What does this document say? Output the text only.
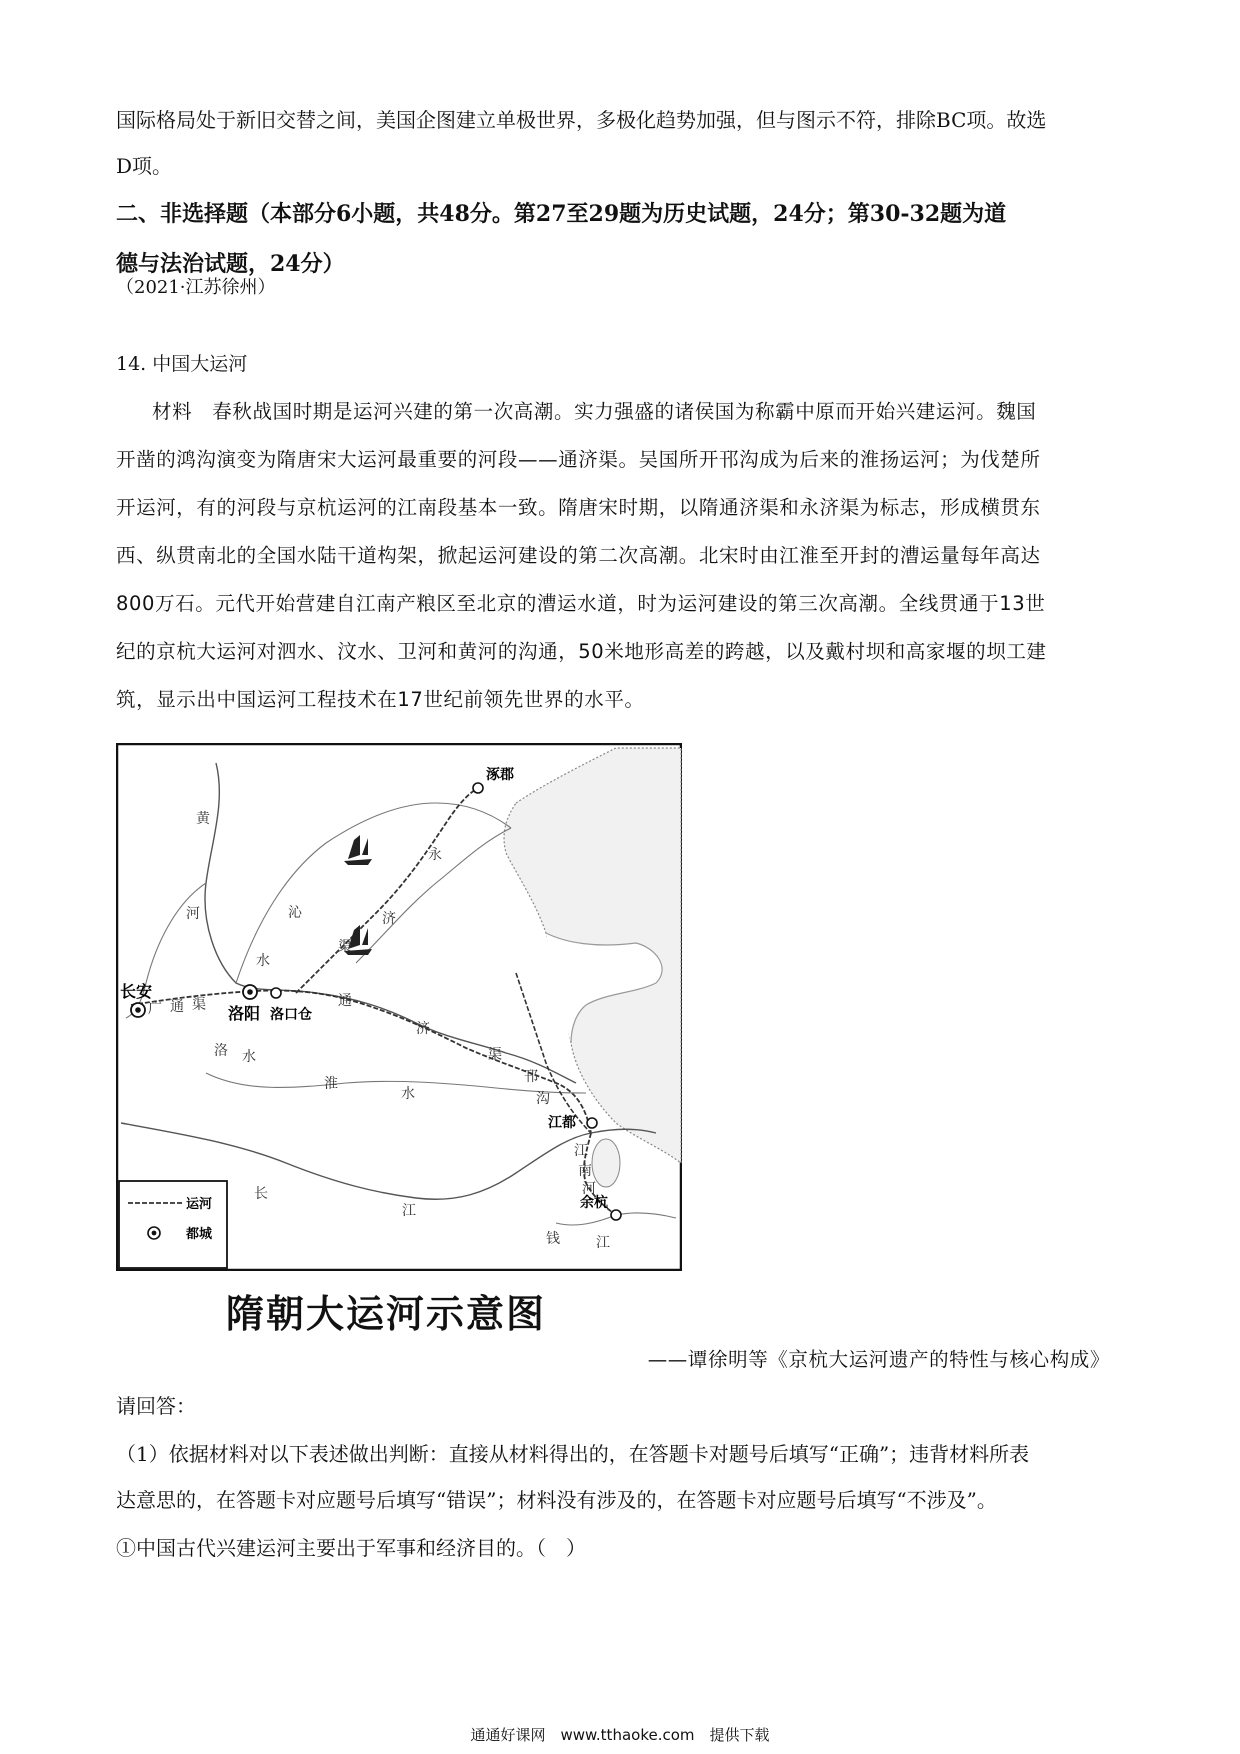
国际格局处于新旧交替之间，美国企图建立单极世界，多极化趋势加强，但与图示不符，排除BC项。故选
D项。
二、非选择题（本部分6小题，共48分。第27至29题为历史试题，24分；第30-32题为道
德与法治试题，24分）
（2021·江苏徐州）
14. 中国大运河
材料　春秋战国时期是运河兴建的第一次高潮。实力强盛的诸侯国为称霸中原而开始兴建运河。魏国
开凿的鸿沟演变为隋唐宋大运河最重要的河段——通济渠。吴国所开邗沟成为后来的淮扬运河；为伐楚所
开运河，有的河段与京杭运河的江南段基本一致。隋唐宋时期，以隋通济渠和永济渠为标志，形成横贯东
西、纵贯南北的全国水陆干道构架，掀起运河建设的第二次高潮。北宋时由江淮至开封的漕运量每年高达
800万石。元代开始营建自江南产粮区至北京的漕运水道，时为运河建设的第三次高潮。全线贯通于13世
纪的京杭大运河对泗水、汶水、卫河和黄河的沟通，50米地形高差的跨越，以及戴村坝和高家堰的坝工建
筑，显示出中国运河工程技术在17世纪前领先世界的水平。
涿郡
长安
洛阳 洛口仓
江都
余杭
黄
河
永
济
渠
沁
水
通
济
渠
洛 水
淮
水
邗
沟
江
南
河
长
江
广 通 渠
钱	江
运河
都城
隋朝大运河示意图
——谭徐明等《京杭大运河遗产的特性与核心构成》
请回答：
（1）依据材料对以下表述做出判断：直接从材料得出的，在答题卡对题号后填写“正确”；违背材料所表
达意思的，在答题卡对应题号后填写“错误”；材料没有涉及的，在答题卡对应题号后填写“不涉及”。
①中国古代兴建运河主要出于军事和经济目的。（　）
通通好课网　www.tthaoke.com　提供下载
